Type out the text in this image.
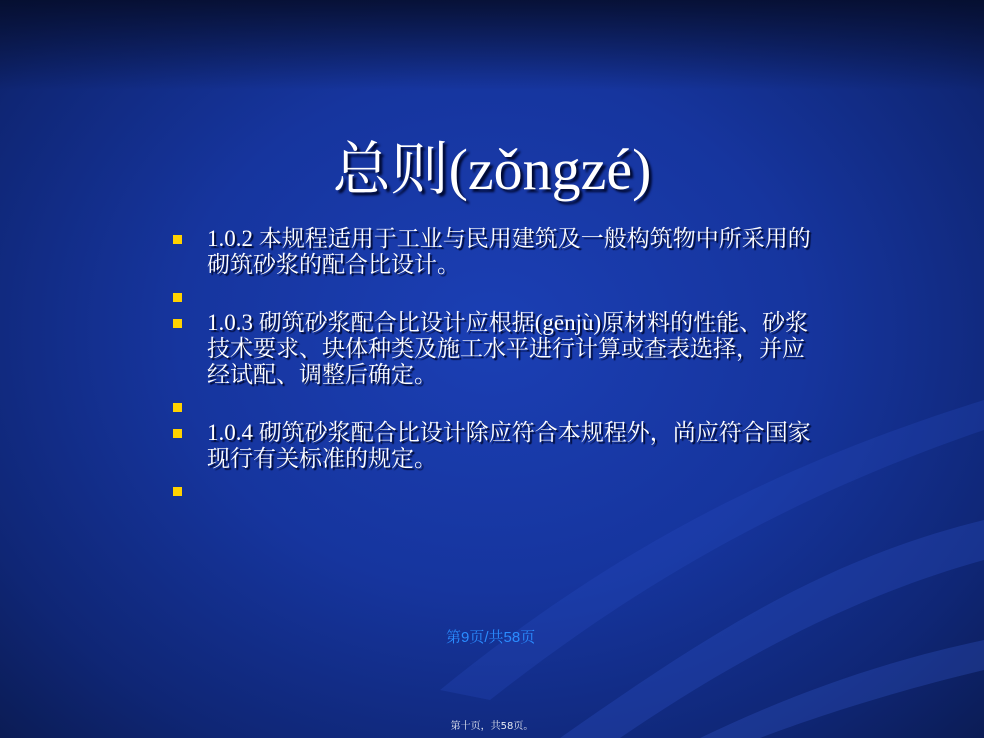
总则(zǒngzé)
1.0.2 本规程适用于工业与民用建筑及一般构筑物中所采用的砌筑砂浆的配合比设计。
1.0.3 砌筑砂浆配合比设计应根据(gēnjù)原材料的性能、砂浆技术要求、块体种类及施工水平进行计算或查表选择，并应经试配、调整后确定。
1.0.4 砌筑砂浆配合比设计除应符合本规程外，尚应符合国家现行有关标准的规定。
第9页/共58页
第十页，共58页。
